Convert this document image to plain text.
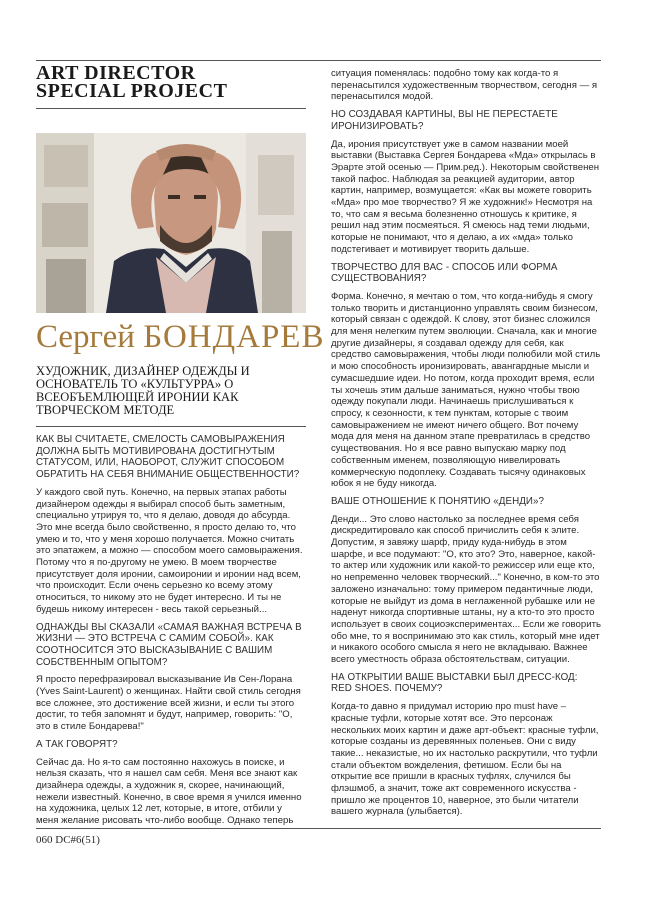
ART DIRECTOR
SPECIAL PROJECT
Сергей БОНДАРЕВ

ХУДОЖНИК, ДИЗАЙНЕР ОДЕЖДЫ И ОСНОВАТЕЛЬ ТО «КУЛЬТУРРА» О ВСЕОБЪЕМЛЮЩЕЙ ИРОНИИ КАК ТВОРЧЕСКОМ МЕТОДЕ

КАК ВЫ СЧИТАЕТЕ, СМЕЛОСТЬ САМОВЫРАЖЕНИЯ ДОЛЖНА БЫТЬ МОТИВИРОВАНА ДОСТИГНУТЫМ СТАТУСОМ, ИЛИ, НАОБОРОТ, СЛУЖИТ СПОСОБОМ ОБРАТИТЬ НА СЕБЯ ВНИМАНИЕ ОБЩЕСТВЕННОСТИ?

У каждого свой путь. Конечно, на первых этапах работы дизайнером одежды я выбирал способ быть заметным, специально утрируя то, что я делаю, доводя до абсурда. Это мне всегда было свойственно, я просто делаю то, что умею и то, что у меня хорошо получается. Можно считать это эпатажем, а можно — способом моего самовыражения. Потому что я по-другому не умею. В моем творчестве присутствует доля иронии, самоиронии и иронии над всем, что происходит. Если очень серьезно ко всему этому относиться, то никому это не будет интересно. И ты не будешь никому интересен - весь такой серьезный...

ОДНАЖДЫ ВЫ СКАЗАЛИ «САМАЯ ВАЖНАЯ ВСТРЕЧА В ЖИЗНИ — ЭТО ВСТРЕЧА С САМИМ СОБОЙ». КАК СООТНОСИТСЯ ЭТО ВЫСКАЗЫВАНИЕ С ВАШИМ СОБСТВЕННЫМ ОПЫТОМ?

Я просто перефразировал высказывание Ив Сен-Лорана (Yves Saint-Laurent) о женщинах. Найти свой стиль сегодня все сложнее, это достижение всей жизни, и если ты этого достиг, то тебя запомнят и будут, например, говорить: "О, это в стиле Бондарева!"

А ТАК ГОВОРЯТ?

Сейчас да. Но я-то сам постоянно нахожусь в поиске, и нельзя сказать, что я нашел сам себя. Меня все знают как дизайнера одежды, а художник я, скорее, начинающий, нежели известный. Конечно, в свое время я учился именно на художника, целых 12 лет, которые, в итоге, отбили у меня желание рисовать что-либо вообще. Однако теперь

ситуация поменялась: подобно тому как когда-то я перенасытился художественным творчеством, сегодня — я перенасытился модой.

НО СОЗДАВАЯ КАРТИНЫ, ВЫ НЕ ПЕРЕСТАЕТЕ ИРОНИЗИРОВАТЬ?

Да, ирония присутствует уже в самом названии моей выставки (Выставка Сергея Бондарева «Мда» открылась в Эрарте этой осенью — Прим.ред.). Некоторым свойственен такой пафос. Наблюдая за реакцией аудитории, автор картин, например, возмущается: «Как вы можете говорить «Мда» про мое творчество? Я же художник!» Несмотря на то, что сам я весьма болезненно отношусь к критике, я решил над этим посмеяться. Я смеюсь над теми людьми, которые не понимают, что я делаю, а их «мда» только подстегивает и мотивирует творить дальше.

ТВОРЧЕСТВО ДЛЯ ВАС - СПОСОБ ИЛИ ФОРМА СУЩЕСТВОВАНИЯ?

Форма. Конечно, я мечтаю о том, что когда-нибудь я смогу только творить и дистанционно управлять своим бизнесом, который связан с одеждой. К слову, этот бизнес сложился для меня нелегким путем эволюции. Сначала, как и многие другие дизайнеры, я создавал одежду для себя, как средство самовыражения, чтобы люди полюбили мой стиль и мою способность иронизировать, авангардные мысли и сумасшедшие идеи. Но потом, когда проходит время, если ты хочешь этим дальше заниматься, нужно чтобы твою одежду покупали люди. Начинаешь прислушиваться к спросу, к сезонности, к тем пунктам, которые с твоим самовыражением не имеют ничего общего. Вот почему мода для меня на данном этапе превратилась в средство существования. Но я все равно выпускаю марку под собственным именем, позволяющую нивелировать коммерческую подоплеку. Создавать тысячу одинаковых юбок я не буду никогда.

ВАШЕ ОТНОШЕНИЕ К ПОНЯТИЮ «ДЕНДИ»?

Денди... Это слово настолько за последнее время себя дискредитировало как способ причислить себя к элите. Допустим, я завяжу шарф, приду куда-нибудь в этом шарфе, и все подумают: "О, кто это? Это, наверное, какой-то актер или художник или какой-то режиссер или еще кто, но непременно человек творческий..." Конечно, в ком-то это заложено изначально: тому примером педантичные люди, которые не выйдут из дома в неглаженной рубашке или не наденут никогда спортивные штаны, ну а кто-то это просто использует в своих социоэкспериментах... Если же говорить обо мне, то я воспринимаю это как стиль, который мне идет и никакого особого смысла я него не вкладываю. Важнее всего уместность образа обстоятельствам, ситуации.

НА ОТКРЫТИИ ВАШЕ ВЫСТАВКИ БЫЛ ДРЕСС-КОД: RED SHOES. ПОЧЕМУ?

Когда-то давно я придумал историю про must have – красные туфли, которые хотят все. Это персонаж нескольких моих картин и даже арт-объект: красные туфли, которые созданы из деревянных поленьев. Они с виду такие... неказистые, но их настолько раскрутили, что туфли стали объектом вожделения, фетишом. Если бы на открытие все пришли в красных туфлях, случился бы флэшмоб, а значит, тоже акт современного искусства - пришло же процентов 10, наверное, это были читатели вашего журнала (улыбается).

060 DC#6(51)
